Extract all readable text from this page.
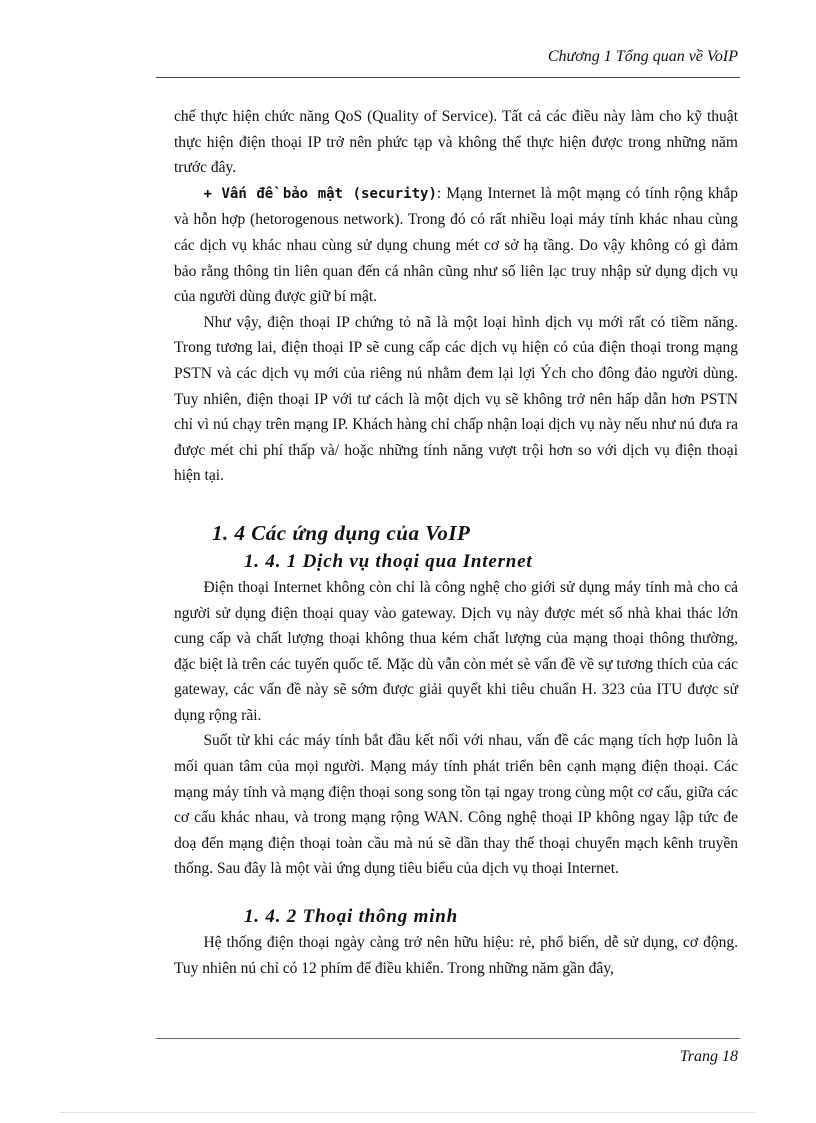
Chương 1 Tổng quan về VoIP

chế thực hiện chức năng QoS (Quality of Service). Tất cả các điều này làm cho kỹ thuật thực hiện điện thoại IP trở nên phức tạp và không thể thực hiện được trong những năm trước đây.

+ Vấn đề bảo mật (security): Mạng Internet là một mạng có tính rộng khắp và hỗn hợp (hetorogenous network). Trong đó có rất nhiều loại máy tính khác nhau cùng các dịch vụ khác nhau cùng sử dụng chung mét cơ sở hạ tầng. Do vậy không có gì đảm bảo rằng thông tin liên quan đến cá nhân cũng như số liên lạc truy nhập sử dụng dịch vụ của người dùng được giữ bí mật.

Như vậy, điện thoại IP chứng tỏ nã là một loại hình dịch vụ mới rất có tiềm năng. Trong tương lai, điện thoại IP sẽ cung cấp các dịch vụ hiện có của điện thoại trong mạng PSTN và các dịch vụ mới của riêng nú nhằm đem lại lợi Ých cho đông đảo người dùng. Tuy nhiên, điện thoại IP với tư cách là một dịch vụ sẽ không trở nên hấp dẫn hơn PSTN chỉ vì nú chạy trên mạng IP. Khách hàng chỉ chấp nhận loại dịch vụ này nếu như nú đưa ra được mét chi phí thấp và/ hoặc những tính năng vượt trội hơn so với dịch vụ điện thoại hiện tại.

1. 4 Các ứng dụng của VoIP
1. 4. 1 Dịch vụ thoại qua Internet

Điện thoại Internet không còn chỉ là công nghệ cho giới sử dụng máy tính mà cho cả người sử dụng điện thoại quay vào gateway. Dịch vụ này được mét số nhà khai thác lớn cung cấp và chất lượng thoại không thua kém chất lượng của mạng thoại thông thường, đặc biệt là trên các tuyến quốc tế. Mặc dù vẫn còn mét sè vấn đề về sự tương thích của các gateway, các vấn đề này sẽ sớm được giải quyết khi tiêu chuẩn H. 323 của ITU được sử dụng rộng rãi.

Suốt từ khi các máy tính bắt đầu kết nối với nhau, vấn đề các mạng tích hợp luôn là mối quan tâm của mọi người. Mạng máy tính phát triển bên cạnh mạng điện thoại. Các mạng máy tính và mạng điện thoại song song tồn tại ngay trong cùng một cơ cấu, giữa các cơ cấu khác nhau, và trong mạng rộng WAN. Công nghệ thoại IP không ngay lập tức đe doạ đến mạng điện thoại toàn cầu mà nú sẽ dần thay thế thoại chuyển mạch kênh truyền thống. Sau đây là một vài ứng dụng tiêu biểu của dịch vụ thoại Internet.

1. 4. 2 Thoại thông minh

Hệ thống điện thoại ngày càng trở nên hữu hiệu: rẻ, phổ biến, dễ sử dụng, cơ động. Tuy nhiên nú chỉ có 12 phím để điều khiển. Trong những năm gần đây,

Trang 18
